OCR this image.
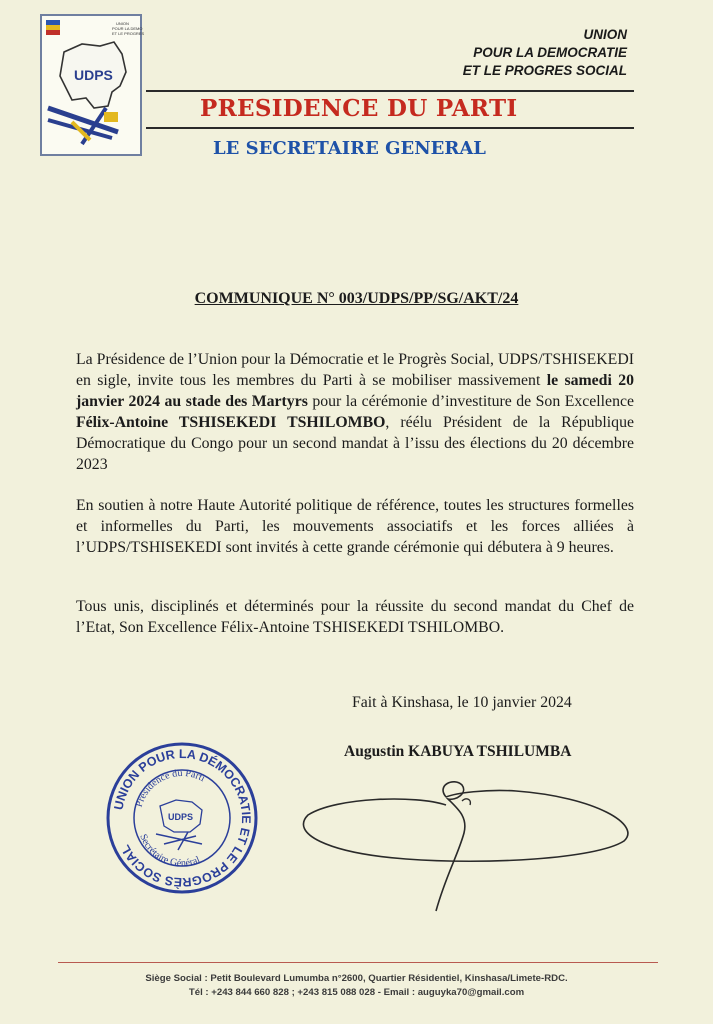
UNION
POUR LA DEMO
ET LE PROGRES
UDPS
UNION
POUR LA DEMOCRATIE
ET LE PROGRES SOCIAL
PRESIDENCE DU PARTI
LE SECRETAIRE GENERAL
COMMUNIQUE N° 003/UDPS/PP/SG/AKT/24
La Présidence de l’Union pour la Démocratie et le Progrès Social, UDPS/TSHISEKEDI en sigle, invite tous les membres du Parti à se mobiliser massivement le samedi 20 janvier 2024 au stade des Martyrs pour la cérémonie d’investiture de Son Excellence Félix-Antoine TSHISEKEDI TSHILOMBO, réélu Président de la République Démocratique du Congo pour un second mandat à l’issu des élections du 20 décembre 2023
En soutien à notre Haute Autorité politique de référence, toutes les structures formelles et informelles du Parti, les mouvements associatifs et les forces alliées à l’UDPS/TSHISEKEDI sont invités à cette grande cérémonie qui débutera à 9 heures.
Tous unis, disciplinés et déterminés pour la réussite du second mandat du Chef de l’Etat, Son Excellence Félix-Antoine TSHISEKEDI TSHILOMBO.
Fait à Kinshasa, le 10 janvier 2024
Augustin KABUYA TSHILUMBA
UNION POUR LA DÉMOCRATIE ET LE PROGRÈS SOCIAL
Présidence du Parti
Secrétaire Général
UDPS
Siège Social : Petit Boulevard Lumumba n°2600, Quartier Résidentiel, Kinshasa/Limete-RDC.
Tél : +243 844 660 828 ; +243 815 088 028 - Email : auguyka70@gmail.com
